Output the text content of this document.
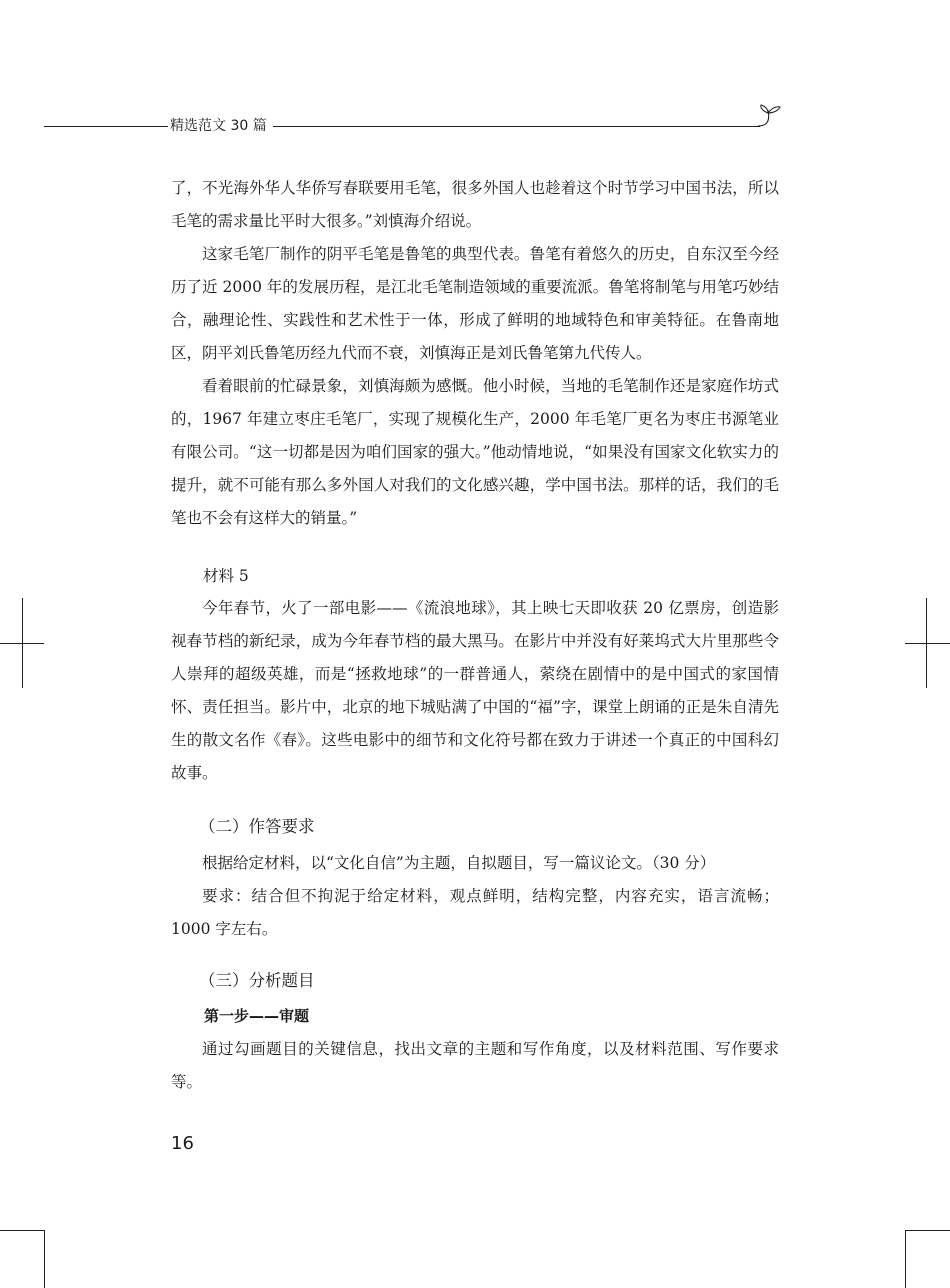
精选范文 30 篇

了，不光海外华人华侨写春联要用毛笔，很多外国人也趁着这个时节学习中国书法，所以毛笔的需求量比平时大很多。”刘慎海介绍说。

这家毛笔厂制作的阴平毛笔是鲁笔的典型代表。鲁笔有着悠久的历史，自东汉至今经历了近 2000 年的发展历程，是江北毛笔制造领域的重要流派。鲁笔将制笔与用笔巧妙结合，融理论性、实践性和艺术性于一体，形成了鲜明的地域特色和审美特征。在鲁南地区，阴平刘氏鲁笔历经九代而不衰，刘慎海正是刘氏鲁笔第九代传人。

看着眼前的忙碌景象，刘慎海颇为感慨。他小时候，当地的毛笔制作还是家庭作坊式的，1967 年建立枣庄毛笔厂，实现了规模化生产，2000 年毛笔厂更名为枣庄书源笔业有限公司。“这一切都是因为咱们国家的强大。”他动情地说，“如果没有国家文化软实力的提升，就不可能有那么多外国人对我们的文化感兴趣，学中国书法。那样的话，我们的毛笔也不会有这样大的销量。”

材料 5

今年春节，火了一部电影——《流浪地球》，其上映七天即收获 20 亿票房，创造影视春节档的新纪录，成为今年春节档的最大黑马。在影片中并没有好莱坞式大片里那些令人崇拜的超级英雄，而是“拯救地球”的一群普通人，萦绕在剧情中的是中国式的家国情怀、责任担当。影片中，北京的地下城贴满了中国的“福”字，课堂上朗诵的正是朱自清先生的散文名作《春》。这些电影中的细节和文化符号都在致力于讲述一个真正的中国科幻故事。

（二）作答要求

根据给定材料，以“文化自信”为主题，自拟题目，写一篇议论文。（30 分）

要求：结合但不拘泥于给定材料，观点鲜明，结构完整，内容充实，语言流畅；1000 字左右。

（三）分析题目

第一步——审题

通过勾画题目的关键信息，找出文章的主题和写作角度，以及材料范围、写作要求等。

16
